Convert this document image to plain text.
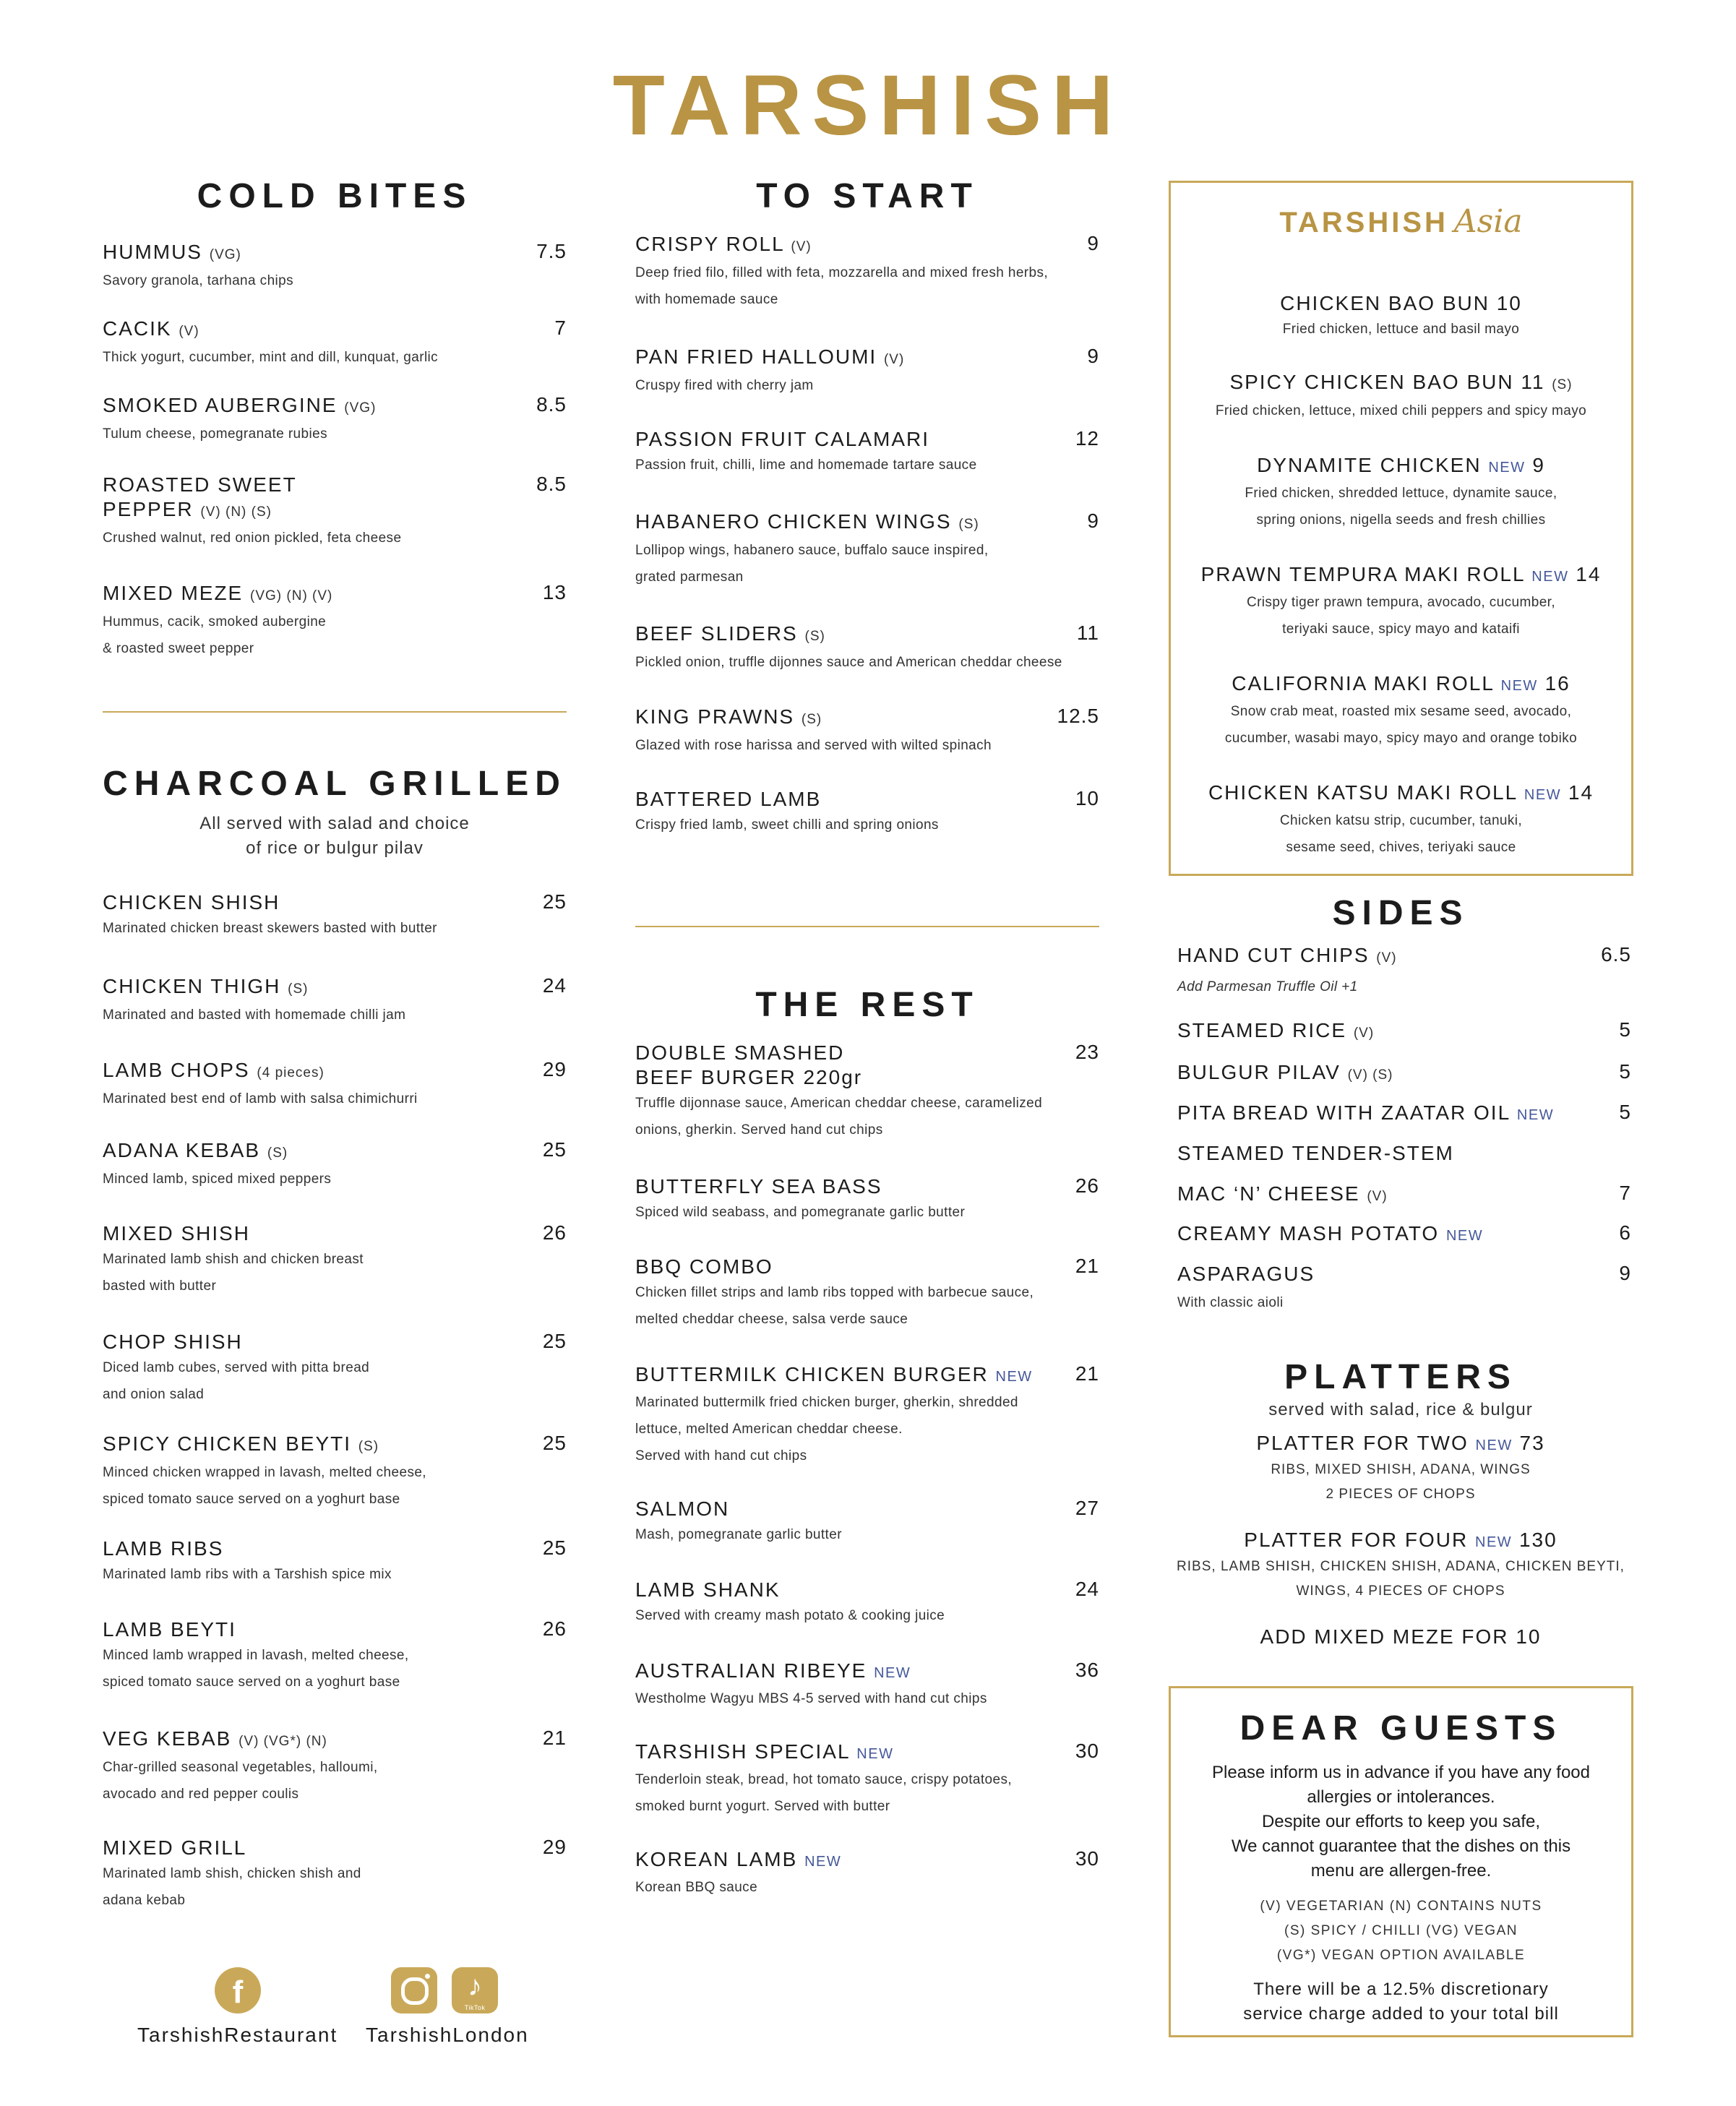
TARSHISH
COLD BITES
HUMMUS (VG)	7.5
Savory granola, tarhana chips
CACIK (V)	7
Thick yogurt, cucumber, mint and dill, kunquat, garlic
SMOKED AUBERGINE (VG)	8.5
Tulum cheese, pomegranate rubies
ROASTED SWEET PEPPER (V) (N) (S)
8.5
Crushed walnut, red onion pickled, feta cheese
MIXED MEZE (VG) (N) (V)	13
Hummus, cacik, smoked aubergine
& roasted sweet pepper
CHARCOAL GRILLED
All served with salad and choice
of rice or bulgur pilav
CHICKEN SHISH	25
Marinated chicken breast skewers basted with butter
CHICKEN THIGH (S)	24
Marinated and basted with homemade chilli jam
LAMB CHOPS (4 pieces)	29
Marinated best end of lamb with salsa chimichurri
ADANA KEBAB (S)	25
Minced lamb, spiced mixed peppers
MIXED SHISH	26
Marinated lamb shish and chicken breast
basted with butter
CHOP SHISH	25
Diced lamb cubes, served with pitta bread
and onion salad
SPICY CHICKEN BEYTI (S)	25
Minced chicken wrapped in lavash, melted cheese,
spiced tomato sauce served on a yoghurt base
LAMB RIBS	25
Marinated lamb ribs with a Tarshish spice mix
LAMB BEYTI	26
Minced lamb wrapped in lavash, melted cheese,
spiced tomato sauce served on a yoghurt base
VEG KEBAB (V) (VG*) (N)	21
Char-grilled seasonal vegetables, halloumi,
avocado and red pepper coulis
MIXED GRILL	29
Marinated lamb shish, chicken shish and
adana kebab
TO START
CRISPY ROLL (V)	9
Deep fried filo, filled with feta, mozzarella and mixed fresh herbs,
with homemade sauce
PAN FRIED HALLOUMI (V)	9
Cruspy fired with cherry jam
PASSION FRUIT CALAMARI	12
Passion fruit, chilli, lime and homemade tartare sauce
HABANERO CHICKEN WINGS (S)	9
Lollipop wings, habanero sauce, buffalo sauce inspired,
grated parmesan
BEEF SLIDERS (S)	11
Pickled onion, truffle dijonnes sauce and American cheddar cheese
KING PRAWNS (S)	12.5
Glazed with rose harissa and served with wilted spinach
BATTERED LAMB	10
Crispy fried lamb, sweet chilli and spring onions
THE REST
DOUBLE SMASHED BEEF BURGER 220gr
23
Truffle dijonnase sauce, American cheddar cheese, caramelized
onions, gherkin. Served hand cut chips
BUTTERFLY SEA BASS	26
Spiced wild seabass, and pomegranate garlic butter
BBQ COMBO	21
Chicken fillet strips and lamb ribs topped with barbecue sauce,
melted cheddar cheese, salsa verde sauce
BUTTERMILK CHICKEN BURGER NEW	21
Marinated buttermilk fried chicken burger, gherkin, shredded
lettuce, melted American cheddar cheese.
Served with hand cut chips
SALMON	27
Mash, pomegranate garlic butter
LAMB SHANK	24
Served with creamy mash potato & cooking juice
AUSTRALIAN RIBEYE NEW	36
Westholme Wagyu MBS 4-5 served with hand cut chips
TARSHISH SPECIAL NEW	30
Tenderloin steak, bread, hot tomato sauce, crispy potatoes,
smoked burnt yogurt. Served with butter
KOREAN LAMB NEW	30
Korean BBQ sauce
TARSHISH Asia
CHICKEN BAO BUN 10
Fried chicken, lettuce and basil mayo
SPICY CHICKEN BAO BUN 11 (S)
Fried chicken, lettuce, mixed chili peppers and spicy mayo
DYNAMITE CHICKEN NEW 9
Fried chicken, shredded lettuce, dynamite sauce,
spring onions, nigella seeds and fresh chillies
PRAWN TEMPURA MAKI ROLL NEW 14
Crispy tiger prawn tempura, avocado, cucumber,
teriyaki sauce, spicy mayo and kataifi
CALIFORNIA MAKI ROLL NEW 16
Snow crab meat, roasted mix sesame seed, avocado,
cucumber, wasabi mayo, spicy mayo and orange tobiko
CHICKEN KATSU MAKI ROLL NEW 14
Chicken katsu strip, cucumber, tanuki,
sesame seed, chives, teriyaki sauce
SIDES
HAND CUT CHIPS (V)	6.5
Add Parmesan Truffle Oil +1
STEAMED RICE (V)	5
BULGUR PILAV (V) (S)	5
PITA BREAD WITH ZAATAR OIL NEW	5
STEAMED TENDER-STEM
MAC ‘N’ CHEESE (V)	7
CREAMY MASH POTATO NEW	6
ASPARAGUS	9
With classic aioli
PLATTERS
served with salad, rice & bulgur
PLATTER FOR TWO NEW 73
RIBS, MIXED SHISH, ADANA, WINGS
2 PIECES OF CHOPS
PLATTER FOR FOUR NEW 130
RIBS, LAMB SHISH, CHICKEN SHISH, ADANA, CHICKEN BEYTI,
WINGS, 4 PIECES OF CHOPS
ADD MIXED MEZE FOR 10
DEAR GUESTS
Please inform us in advance if you have any food
allergies or intolerances.
Despite our efforts to keep you safe,
We cannot guarantee that the dishes on this
menu are allergen-free.
(V) VEGETARIAN (N) CONTAINS NUTS
(S) SPICY / CHILLI (VG) VEGAN
(VG*) VEGAN OPTION AVAILABLE
There will be a 12.5% discretionary
service charge added to your total bill
f	♪
TikTok
TarshishRestaurant TarshishLondon
